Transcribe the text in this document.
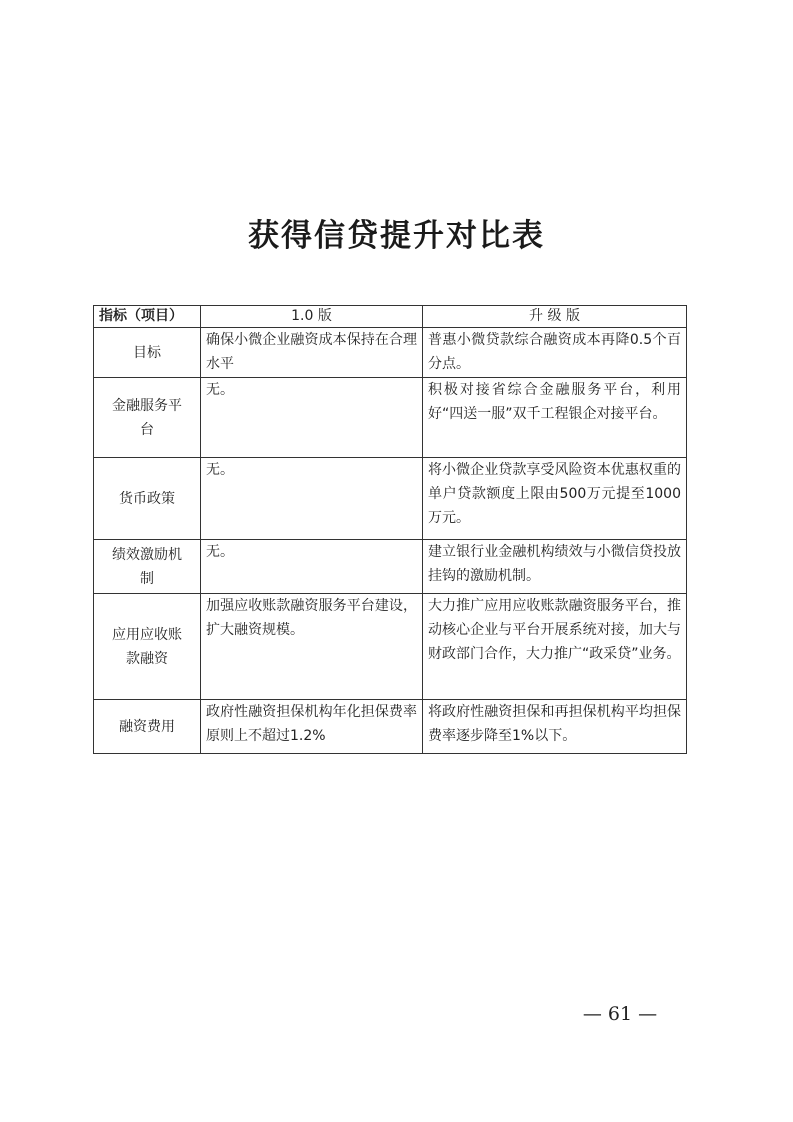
获得信贷提升对比表
指标（项目）	1.0 版	升 级 版
目标	确保小微企业融资成本保持在合理水平	普惠小微贷款综合融资成本再降0.5个百分点。
金融服务平台	无。	积极对接省综合金融服务平台，利用好“四送一服”双千工程银企对接平台。
货币政策	无。	将小微企业贷款享受风险资本优惠权重的单户贷款额度上限由500万元提至1000万元。
绩效激励机制	无。	建立银行业金融机构绩效与小微信贷投放挂钩的激励机制。
应用应收账款融资	加强应收账款融资服务平台建设，扩大融资规模。	大力推广应用应收账款融资服务平台，推动核心企业与平台开展系统对接，加大与财政部门合作，大力推广“政采贷”业务。
融资费用	政府性融资担保机构年化担保费率原则上不超过1.2%	将政府性融资担保和再担保机构平均担保费率逐步降至1%以下。
— 61 —
